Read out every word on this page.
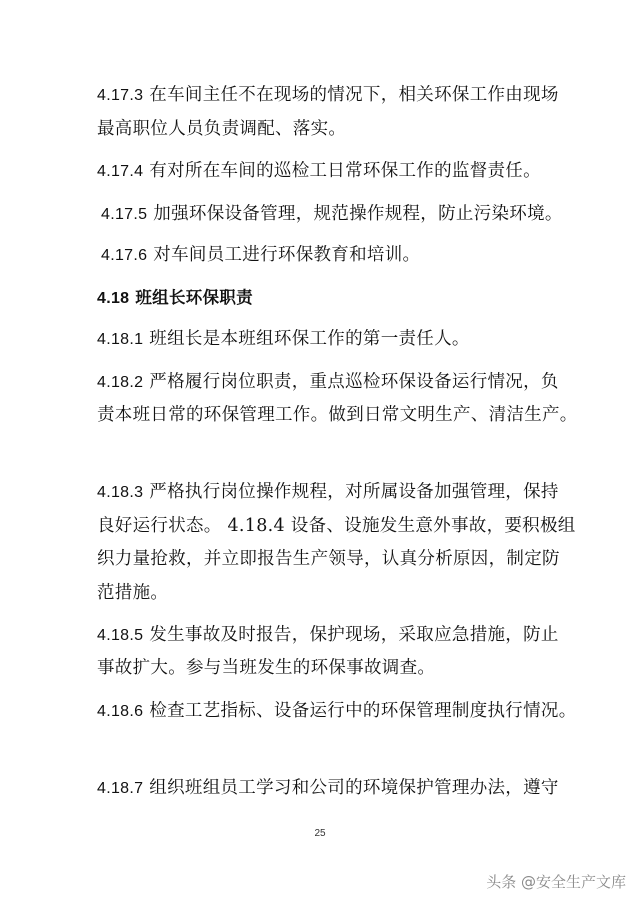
4.17.3 在车间主任不在现场的情况下，相关环保工作由现场
最高职位人员负责调配、落实。
4.17.4 有对所在车间的巡检工日常环保工作的监督责任。
4.17.5 加强环保设备管理，规范操作规程，防止污染环境。
4.17.6 对车间员工进行环保教育和培训。
4.18 班组长环保职责
4.18.1 班组长是本班组环保工作的第一责任人。
4.18.2 严格履行岗位职责，重点巡检环保设备运行情况，负
责本班日常的环保管理工作。做到日常文明生产、清洁生产。
4.18.3 严格执行岗位操作规程，对所属设备加强管理，保持
良好运行状态。 4.18.4 设备、设施发生意外事故，要积极组
织力量抢救，并立即报告生产领导，认真分析原因，制定防
范措施。
4.18.5 发生事故及时报告，保护现场，采取应急措施，防止
事故扩大。参与当班发生的环保事故调查。
4.18.6 检查工艺指标、设备运行中的环保管理制度执行情况。
4.18.7 组织班组员工学习和公司的环境保护管理办法，遵守
25
头条 @安全生产文库
